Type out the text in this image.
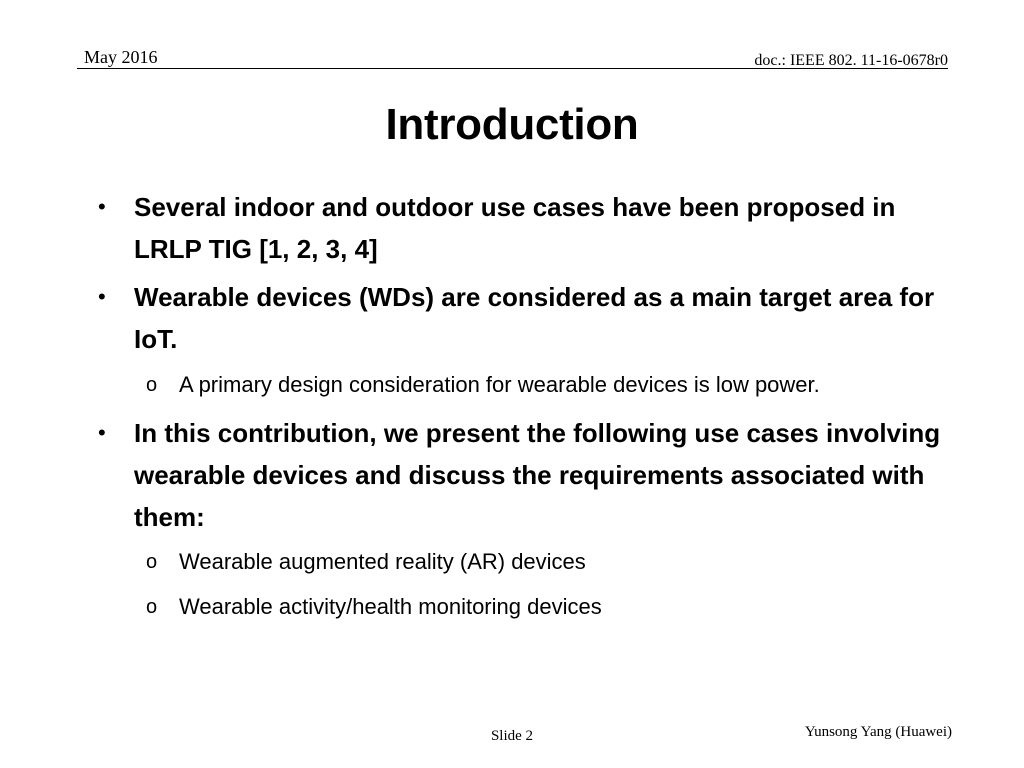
May 2016	doc.: IEEE 802. 11-16-0678r0
Introduction
• Several indoor and outdoor use cases have been proposed in LRLP TIG [1, 2, 3, 4]
• Wearable devices (WDs) are considered as a main target area for IoT.
o A primary design consideration for wearable devices is low power.
• In this contribution, we present the following use cases involving wearable devices and discuss the requirements associated with them:
o Wearable augmented reality (AR) devices
o Wearable activity/health monitoring devices
Slide 2	Yunsong Yang (Huawei)
